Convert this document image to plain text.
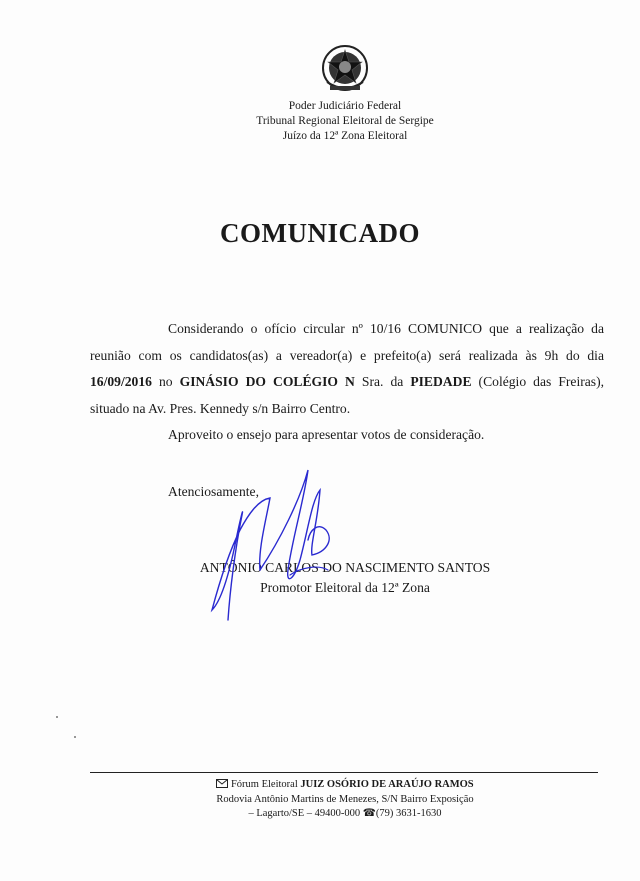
Poder Judiciário Federal
Tribunal Regional Eleitoral de Sergipe
Juízo da 12ª Zona Eleitoral
COMUNICADO

Considerando o ofício circular nº 10/16 COMUNICO que a realização da reunião com os candidatos(as) a vereador(a) e prefeito(a) será realizada às 9h do dia 16/09/2016 no GINÁSIO DO COLÉGIO N Sra. da PIEDADE (Colégio das Freiras), situado na Av. Pres. Kennedy s/n Bairro Centro.

Aproveito o ensejo para apresentar votos de consideração.

Atenciosamente,
ANTÔNIO CARLOS DO NASCIMENTO SANTOS
Promotor Eleitoral da 12ª Zona
Fórum Eleitoral JUIZ OSÓRIO DE ARAÚJO RAMOS
Rodovia Antônio Martins de Menezes, S/N Bairro Exposição
– Lagarto/SE – 49400-000 ☎(79) 3631-1630
